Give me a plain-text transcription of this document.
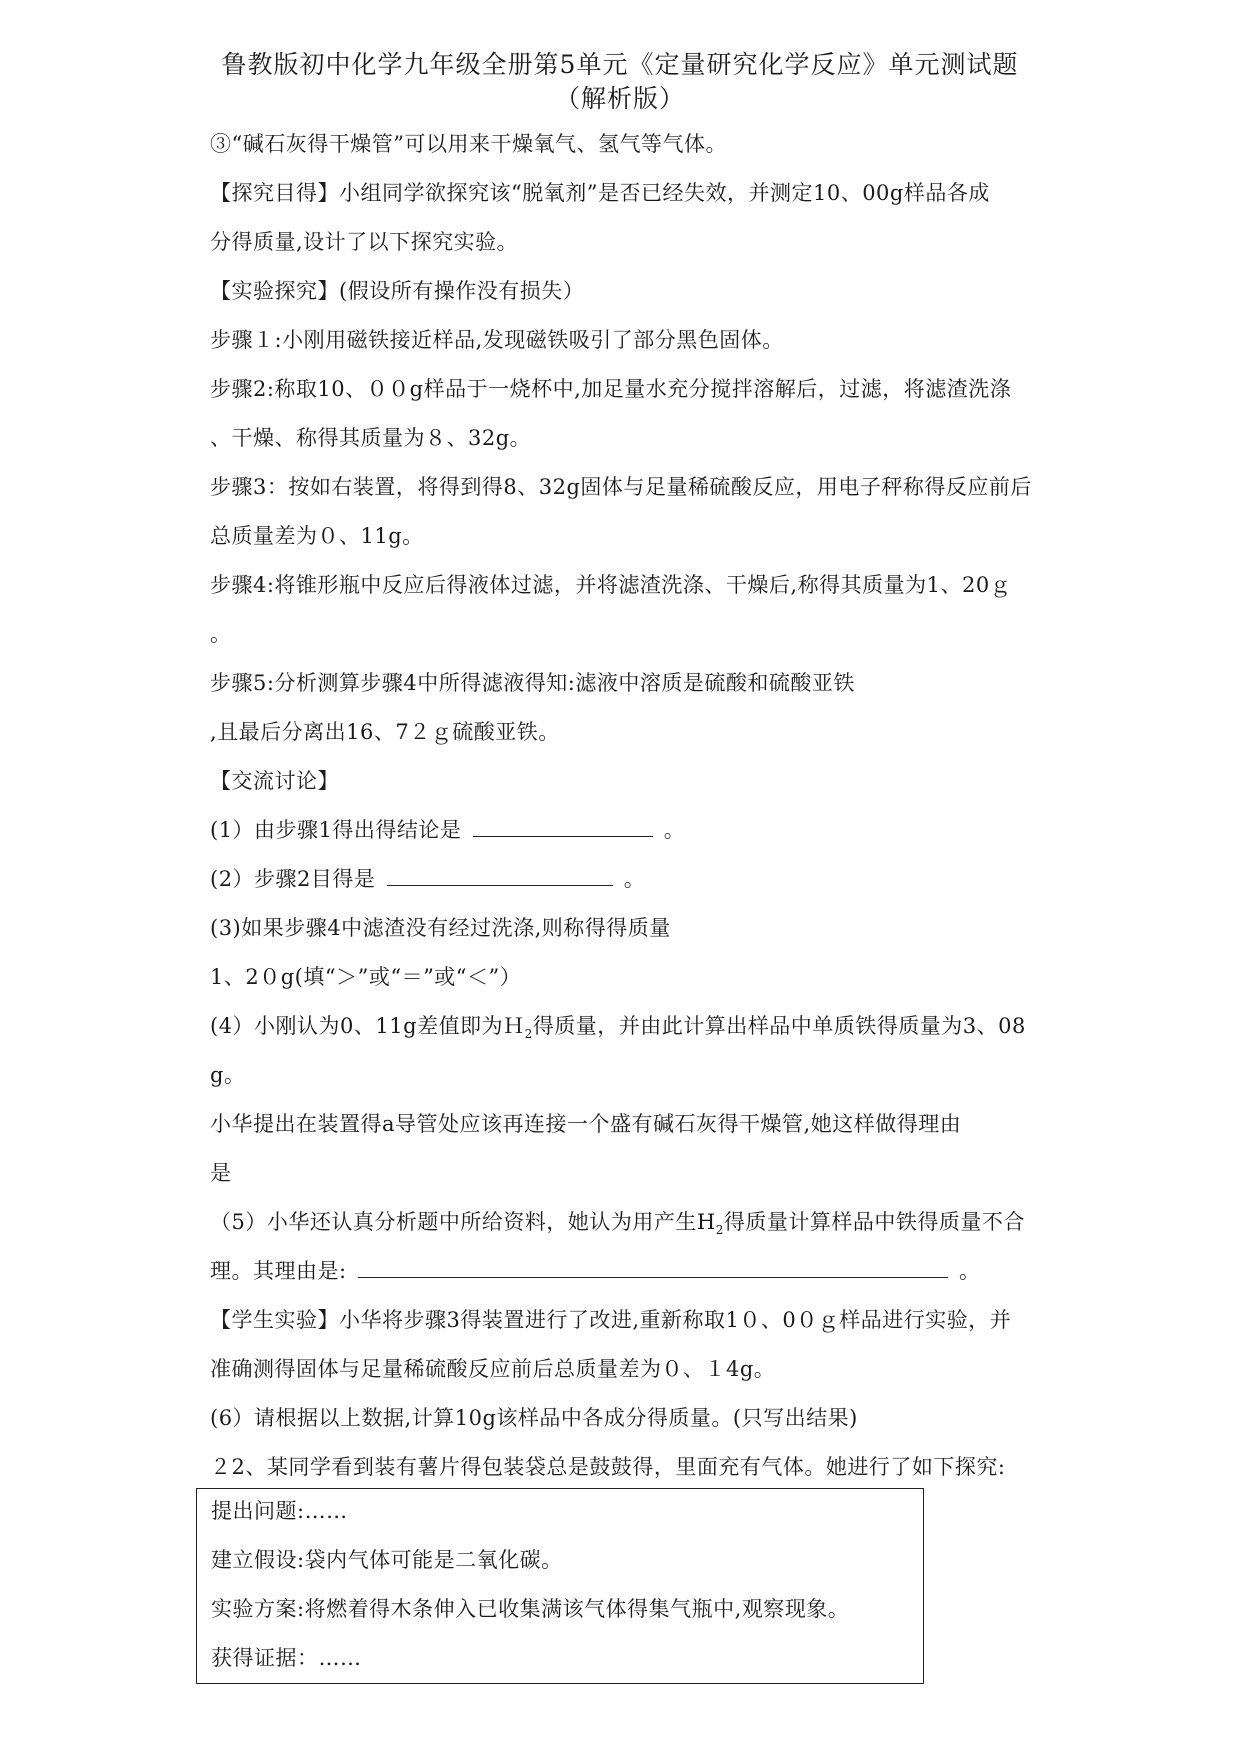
鲁教版初中化学九年级全册第5单元《定量研究化学反应》单元测试题（解析版）
③“碱石灰得干燥管”可以用来干燥氧气、氢气等气体。
【探究目得】小组同学欲探究该“脱氧剂”是否已经失效，并测定10、00g样品各成
分得质量,设计了以下探究实验。
【实验探究】(假设所有操作没有损失）
步骤１:小刚用磁铁接近样品,发现磁铁吸引了部分黑色固体。
步骤2:称取10、００g样品于一烧杯中,加足量水充分搅拌溶解后，过滤，将滤渣洗涤
、干燥、称得其质量为８、32g。
步骤3：按如右装置，将得到得8、32g固体与足量稀硫酸反应，用电子秤称得反应前后
总质量差为０、11g。
步骤4:将锥形瓶中反应后得液体过滤，并将滤渣洗涤、干燥后,称得其质量为1、20ｇ
。
步骤5:分析测算步骤4中所得滤液得知:滤液中溶质是硫酸和硫酸亚铁
,且最后分离出16、7２ｇ硫酸亚铁。
【交流讨论】
(1）由步骤1得出得结论是	。
(2）步骤2目得是	。
(3)如果步骤4中滤渣没有经过洗涤,则称得得质量
1、2０g(填“＞”或“＝”或“＜”）
(4）小刚认为0、11g差值即为Ｈ$_2$得质量，并由此计算出样品中单质铁得质量为3、08
g。
小华提出在装置得a导管处应该再连接一个盛有碱石灰得干燥管,她这样做得理由
是
（5）小华还认真分析题中所给资料，她认为用产生$H_2$得质量计算样品中铁得质量不合
理。其理由是:	。
【学生实验】小华将步骤3得装置进行了改进,重新称取1０、0０ｇ样品进行实验，并
准确测得固体与足量稀硫酸反应前后总质量差为０、１4g。
(6）请根据以上数据,计算10g该样品中各成分得质量。(只写出结果)
２2、某同学看到装有薯片得包装袋总是鼓鼓得，里面充有气体。她进行了如下探究:
提出问题:……
建立假设:袋内气体可能是二氧化碳。
实验方案:将燃着得木条伸入已收集满该气体得集气瓶中,观察现象。
获得证据：……
